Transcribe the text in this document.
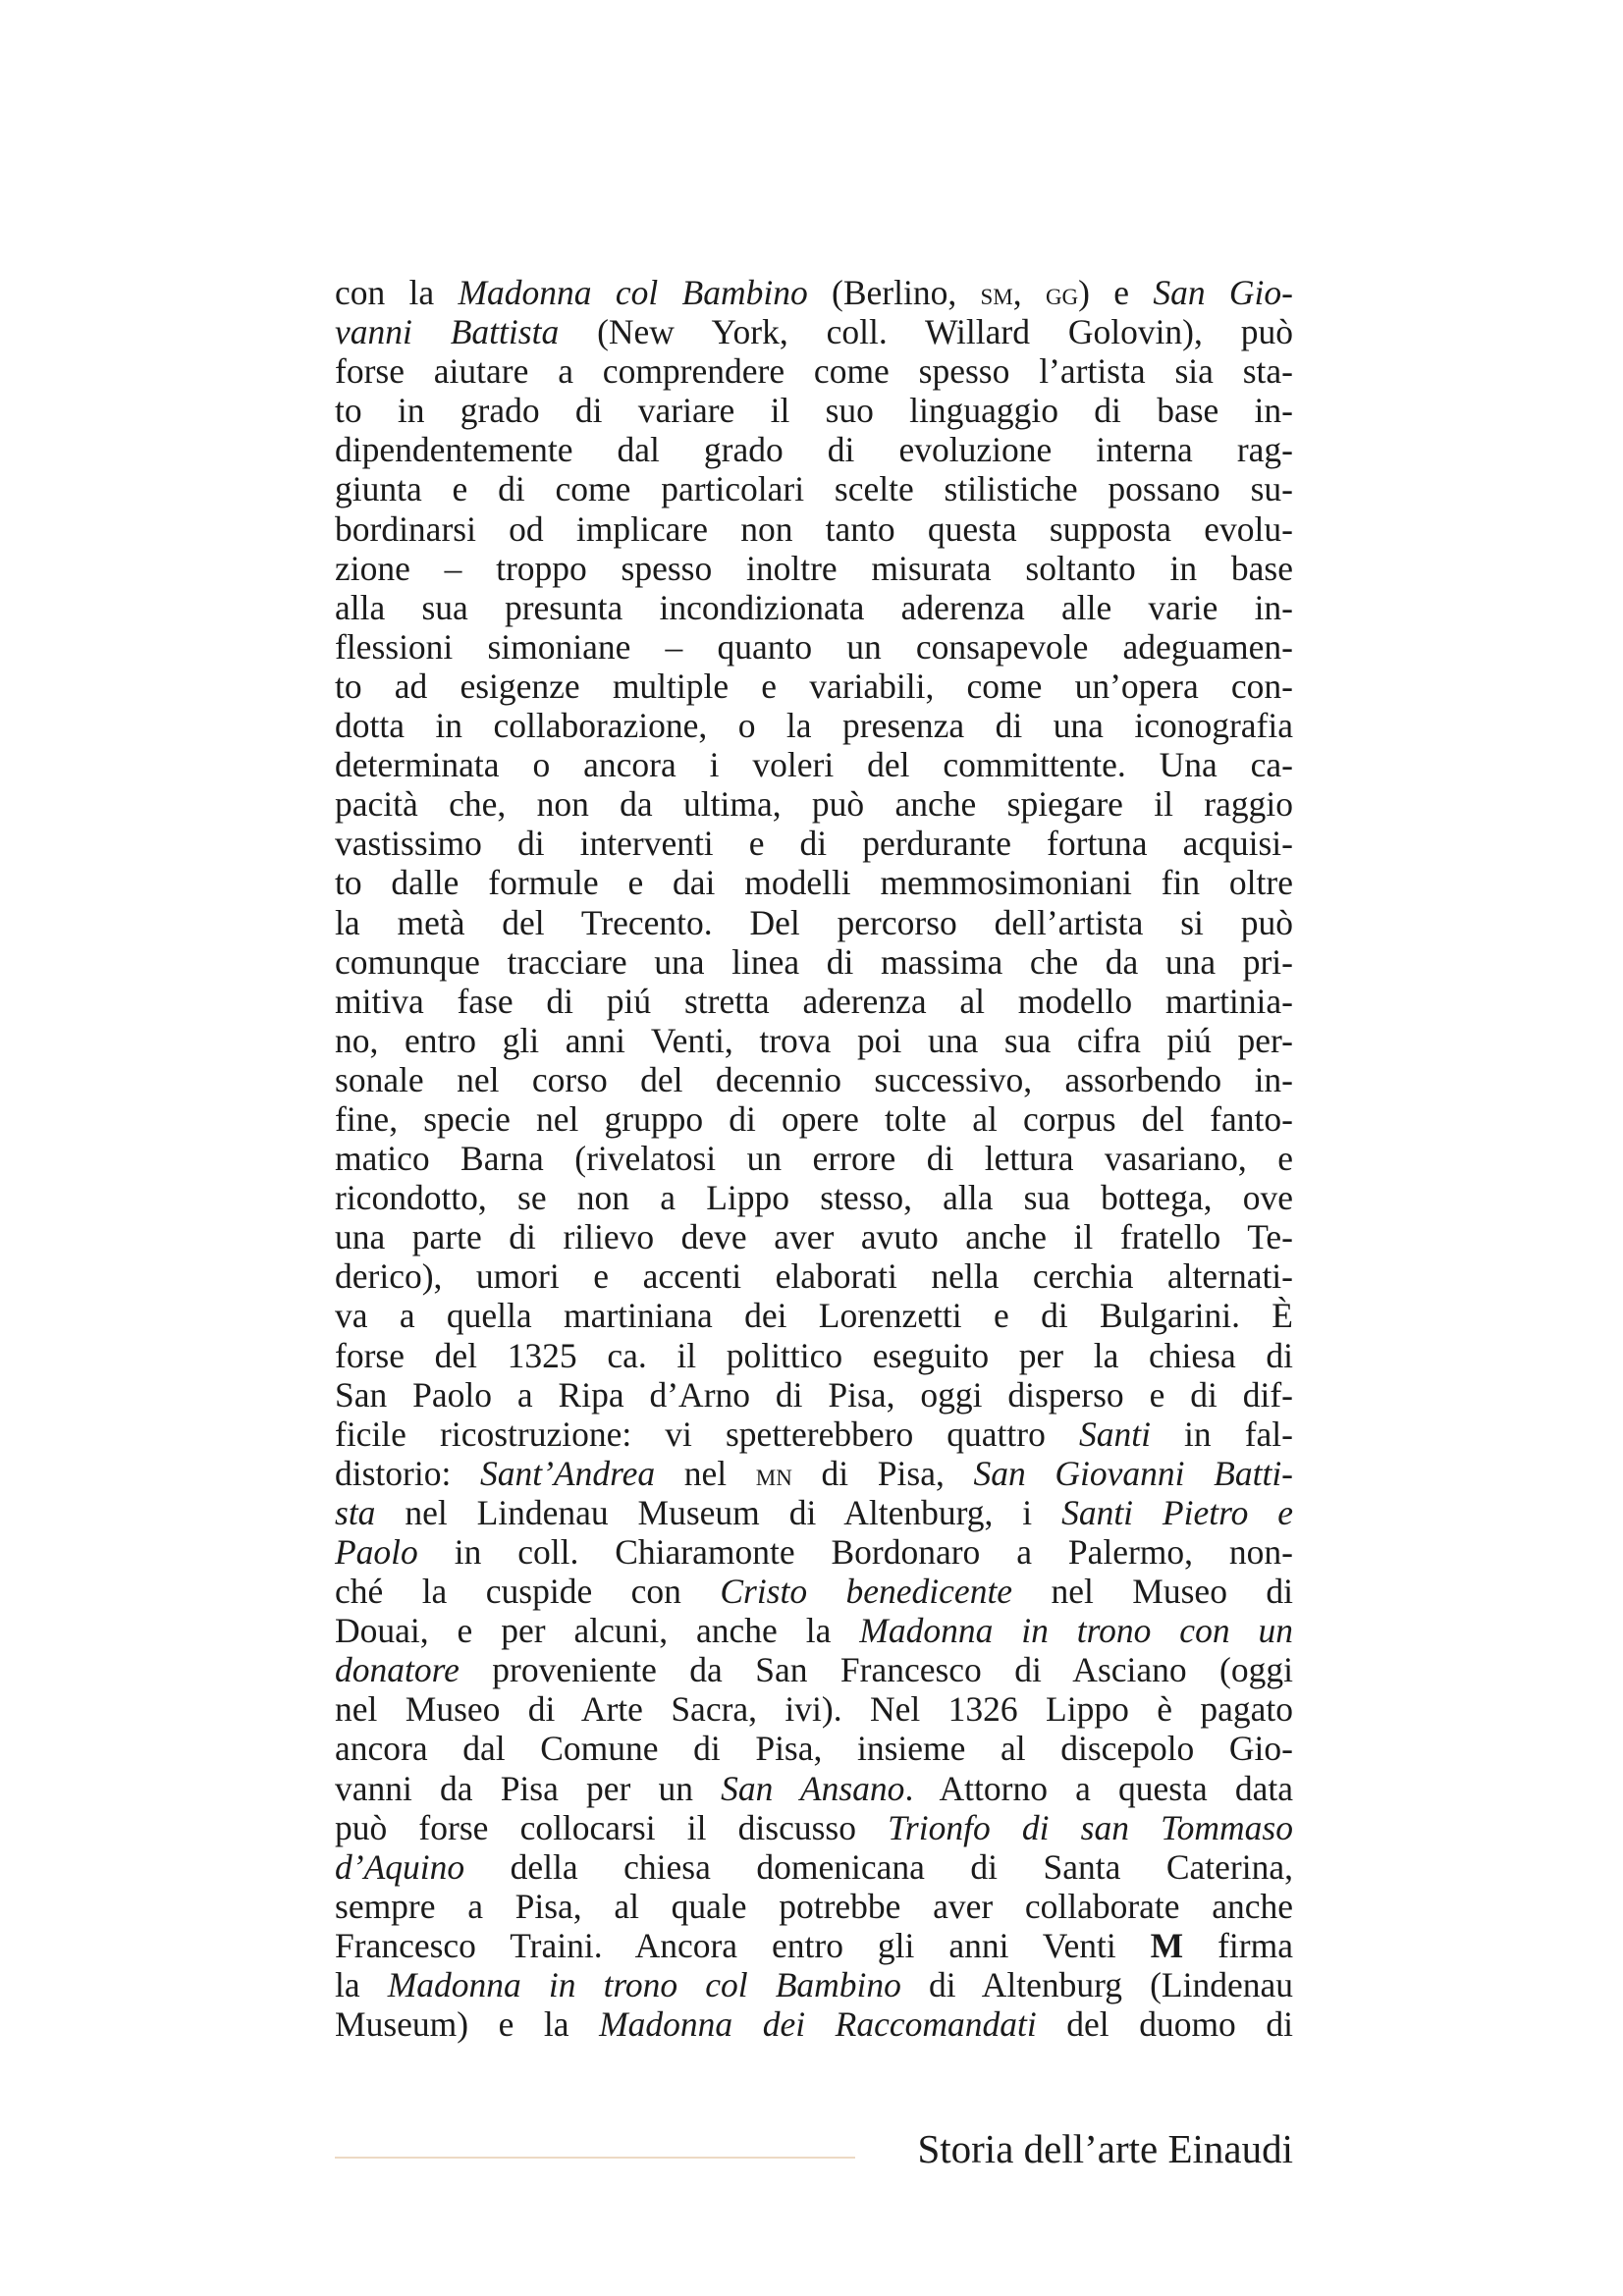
con la Madonna col Bambino (Berlino, sm, gg) e San Gio-
vanni Battista (New York, coll. Willard Golovin), può
forse aiutare a comprendere come spesso l’artista sia sta-
to in grado di variare il suo linguaggio di base in-
dipendentemente dal grado di evoluzione interna rag-
giunta e di come particolari scelte stilistiche possano su-
bordinarsi od implicare non tanto questa supposta evolu-
zione – troppo spesso inoltre misurata soltanto in base
alla sua presunta incondizionata aderenza alle varie in-
flessioni simoniane – quanto un consapevole adeguamen-
to ad esigenze multiple e variabili, come un’opera con-
dotta in collaborazione, o la presenza di una iconografia
determinata o ancora i voleri del committente. Una ca-
pacità che, non da ultima, può anche spiegare il raggio
vastissimo di interventi e di perdurante fortuna acquisi-
to dalle formule e dai modelli memmosimoniani fin oltre
la metà del Trecento. Del percorso dell’artista si può
comunque tracciare una linea di massima che da una pri-
mitiva fase di piú stretta aderenza al modello martinia-
no, entro gli anni Venti, trova poi una sua cifra piú per-
sonale nel corso del decennio successivo, assorbendo in-
fine, specie nel gruppo di opere tolte al corpus del fanto-
matico Barna (rivelatosi un errore di lettura vasariano, e
ricondotto, se non a Lippo stesso, alla sua bottega, ove
una parte di rilievo deve aver avuto anche il fratello Te-
derico), umori e accenti elaborati nella cerchia alternati-
va a quella martiniana dei Lorenzetti e di Bulgarini. È
forse del 1325 ca. il polittico eseguito per la chiesa di
San Paolo a Ripa d’Arno di Pisa, oggi disperso e di dif-
ficile ricostruzione: vi spetterebbero quattro Santi in fal-
distorio: Sant’Andrea nel mn di Pisa, San Giovanni Batti-
sta nel Lindenau Museum di Altenburg, i Santi Pietro e
Paolo in coll. Chiaramonte Bordonaro a Palermo, non-
ché la cuspide con Cristo benedicente nel Museo di
Douai, e per alcuni, anche la Madonna in trono con un
donatore proveniente da San Francesco di Asciano (oggi
nel Museo di Arte Sacra, ivi). Nel 1326 Lippo è pagato
ancora dal Comune di Pisa, insieme al discepolo Gio-
vanni da Pisa per un San Ansano. Attorno a questa data
può forse collocarsi il discusso Trionfo di san Tommaso
d’Aquino della chiesa domenicana di Santa Caterina,
sempre a Pisa, al quale potrebbe aver collaborate anche
Francesco Traini. Ancora entro gli anni Venti M firma
la Madonna in trono col Bambino di Altenburg (Lindenau
Museum) e la Madonna dei Raccomandati del duomo di
Storia dell’arte Einaudi
